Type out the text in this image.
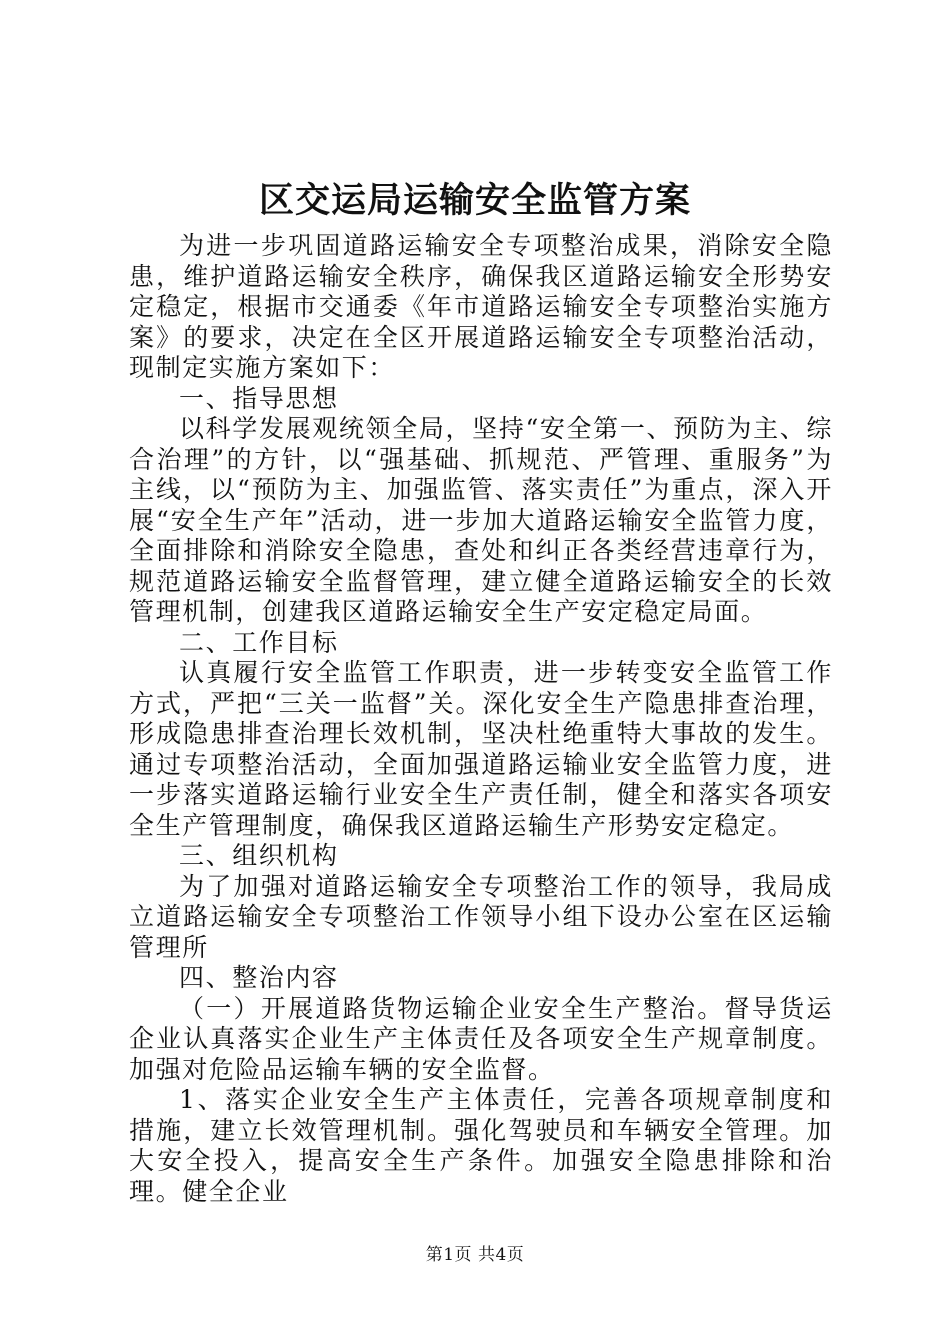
区交运局运输安全监管方案

为进一步巩固道路运输安全专项整治成果，消除安全隐患，维护道路运输安全秩序，确保我区道路运输安全形势安定稳定，根据市交通委《年市道路运输安全专项整治实施方案》的要求，决定在全区开展道路运输安全专项整治活动，现制定实施方案如下：

一、指导思想

以科学发展观统领全局，坚持“安全第一、预防为主、综合治理”的方针，以“强基础、抓规范、严管理、重服务”为主线，以“预防为主、加强监管、落实责任”为重点，深入开展“安全生产年”活动，进一步加大道路运输安全监管力度，全面排除和消除安全隐患，查处和纠正各类经营违章行为，规范道路运输安全监督管理，建立健全道路运输安全的长效管理机制，创建我区道路运输安全生产安定稳定局面。

二、工作目标

认真履行安全监管工作职责，进一步转变安全监管工作方式，严把“三关一监督”关。深化安全生产隐患排查治理，形成隐患排查治理长效机制，坚决杜绝重特大事故的发生。通过专项整治活动，全面加强道路运输业安全监管力度，进一步落实道路运输行业安全生产责任制，健全和落实各项安全生产管理制度，确保我区道路运输生产形势安定稳定。

三、组织机构

为了加强对道路运输安全专项整治工作的领导，我局成立道路运输安全专项整治工作领导小组下设办公室在区运输管理所

四、整治内容

（一）开展道路货物运输企业安全生产整治。督导货运企业认真落实企业生产主体责任及各项安全生产规章制度。加强对危险品运输车辆的安全监督。

1、落实企业安全生产主体责任，完善各项规章制度和措施，建立长效管理机制。强化驾驶员和车辆安全管理。加大安全投入，提高安全生产条件。加强安全隐患排除和治理。健全企业

第1页 共4页
